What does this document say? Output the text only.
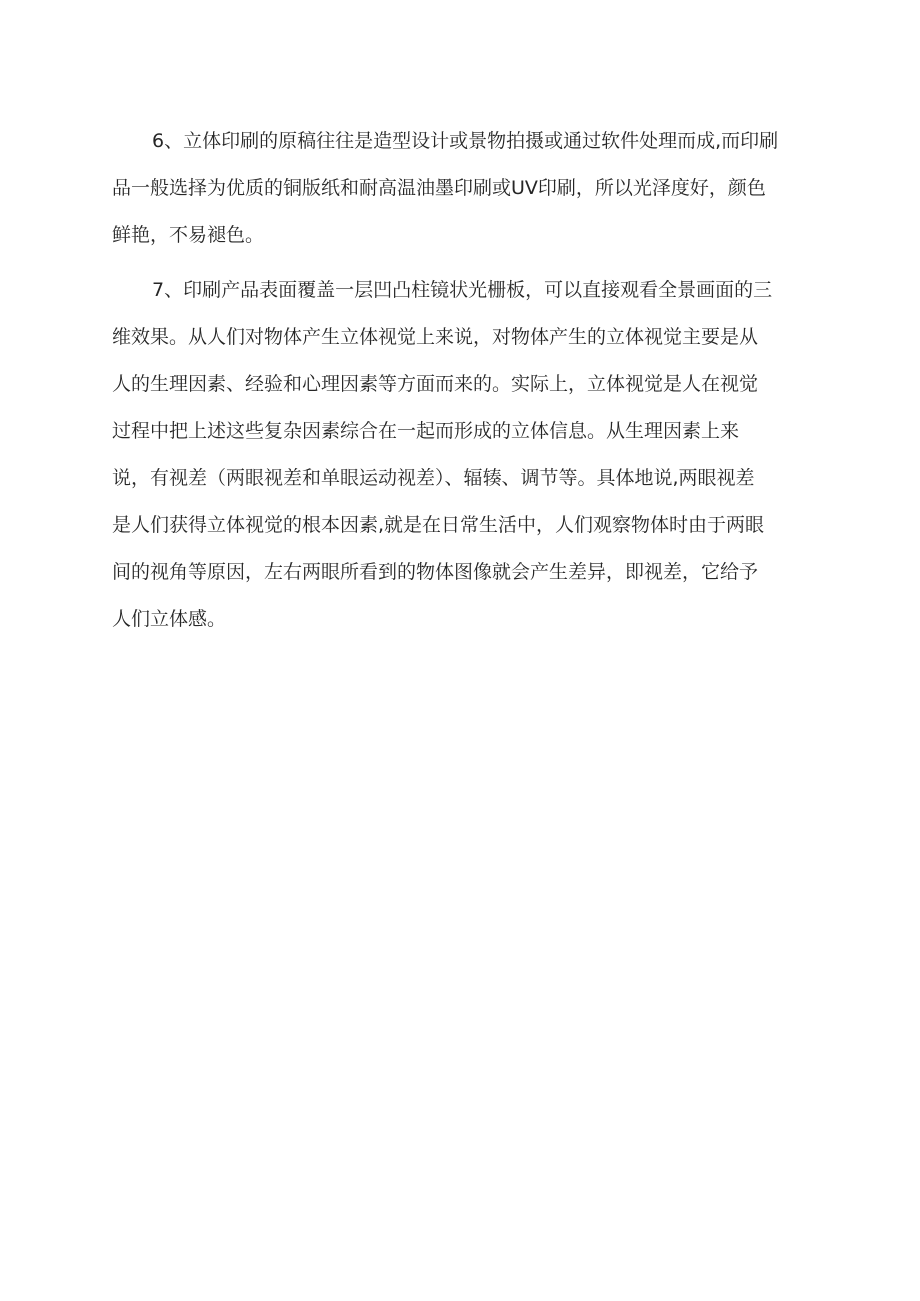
6、立体印刷的原稿往往是造型设计或景物拍摄或通过软件处理而成,而印刷
品一般选择为优质的铜版纸和耐高温油墨印刷或UV印刷，所以光泽度好，颜色
鲜艳，不易褪色。
7、印刷产品表面覆盖一层凹凸柱镜状光栅板，可以直接观看全景画面的三
维效果。从人们对物体产生立体视觉上来说，对物体产生的立体视觉主要是从
人的生理因素、经验和心理因素等方面而来的。实际上，立体视觉是人在视觉
过程中把上述这些复杂因素综合在一起而形成的立体信息。从生理因素上来
说，有视差（两眼视差和单眼运动视差）、辐辏、调节等。具体地说,两眼视差
是人们获得立体视觉的根本因素,就是在日常生活中，人们观察物体时由于两眼
间的视角等原因，左右两眼所看到的物体图像就会产生差异，即视差，它给予
人们立体感。
